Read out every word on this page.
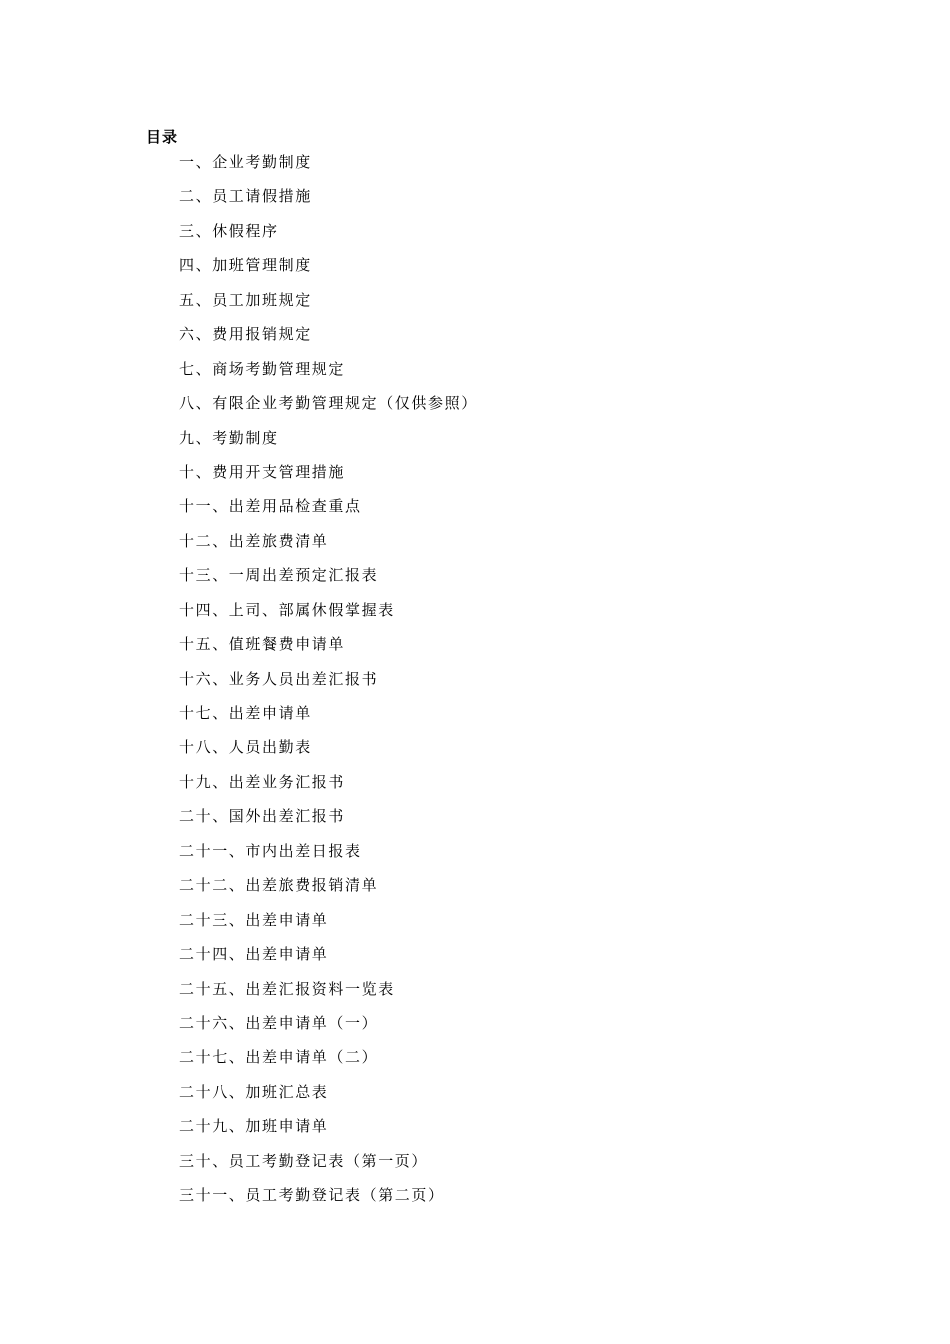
目录
一、企业考勤制度
二、员工请假措施
三、休假程序
四、加班管理制度
五、员工加班规定
六、费用报销规定
七、商场考勤管理规定
八、有限企业考勤管理规定（仅供参照）
九、考勤制度
十、费用开支管理措施
十一、出差用品检查重点
十二、出差旅费清单
十三、一周出差预定汇报表
十四、上司、部属休假掌握表
十五、值班餐费申请单
十六、业务人员出差汇报书
十七、出差申请单
十八、人员出勤表
十九、出差业务汇报书
二十、国外出差汇报书
二十一、市内出差日报表
二十二、出差旅费报销清单
二十三、出差申请单
二十四、出差申请单
二十五、出差汇报资料一览表
二十六、出差申请单（一）
二十七、出差申请单（二）
二十八、加班汇总表
二十九、加班申请单
三十、员工考勤登记表（第一页）
三十一、员工考勤登记表（第二页）
